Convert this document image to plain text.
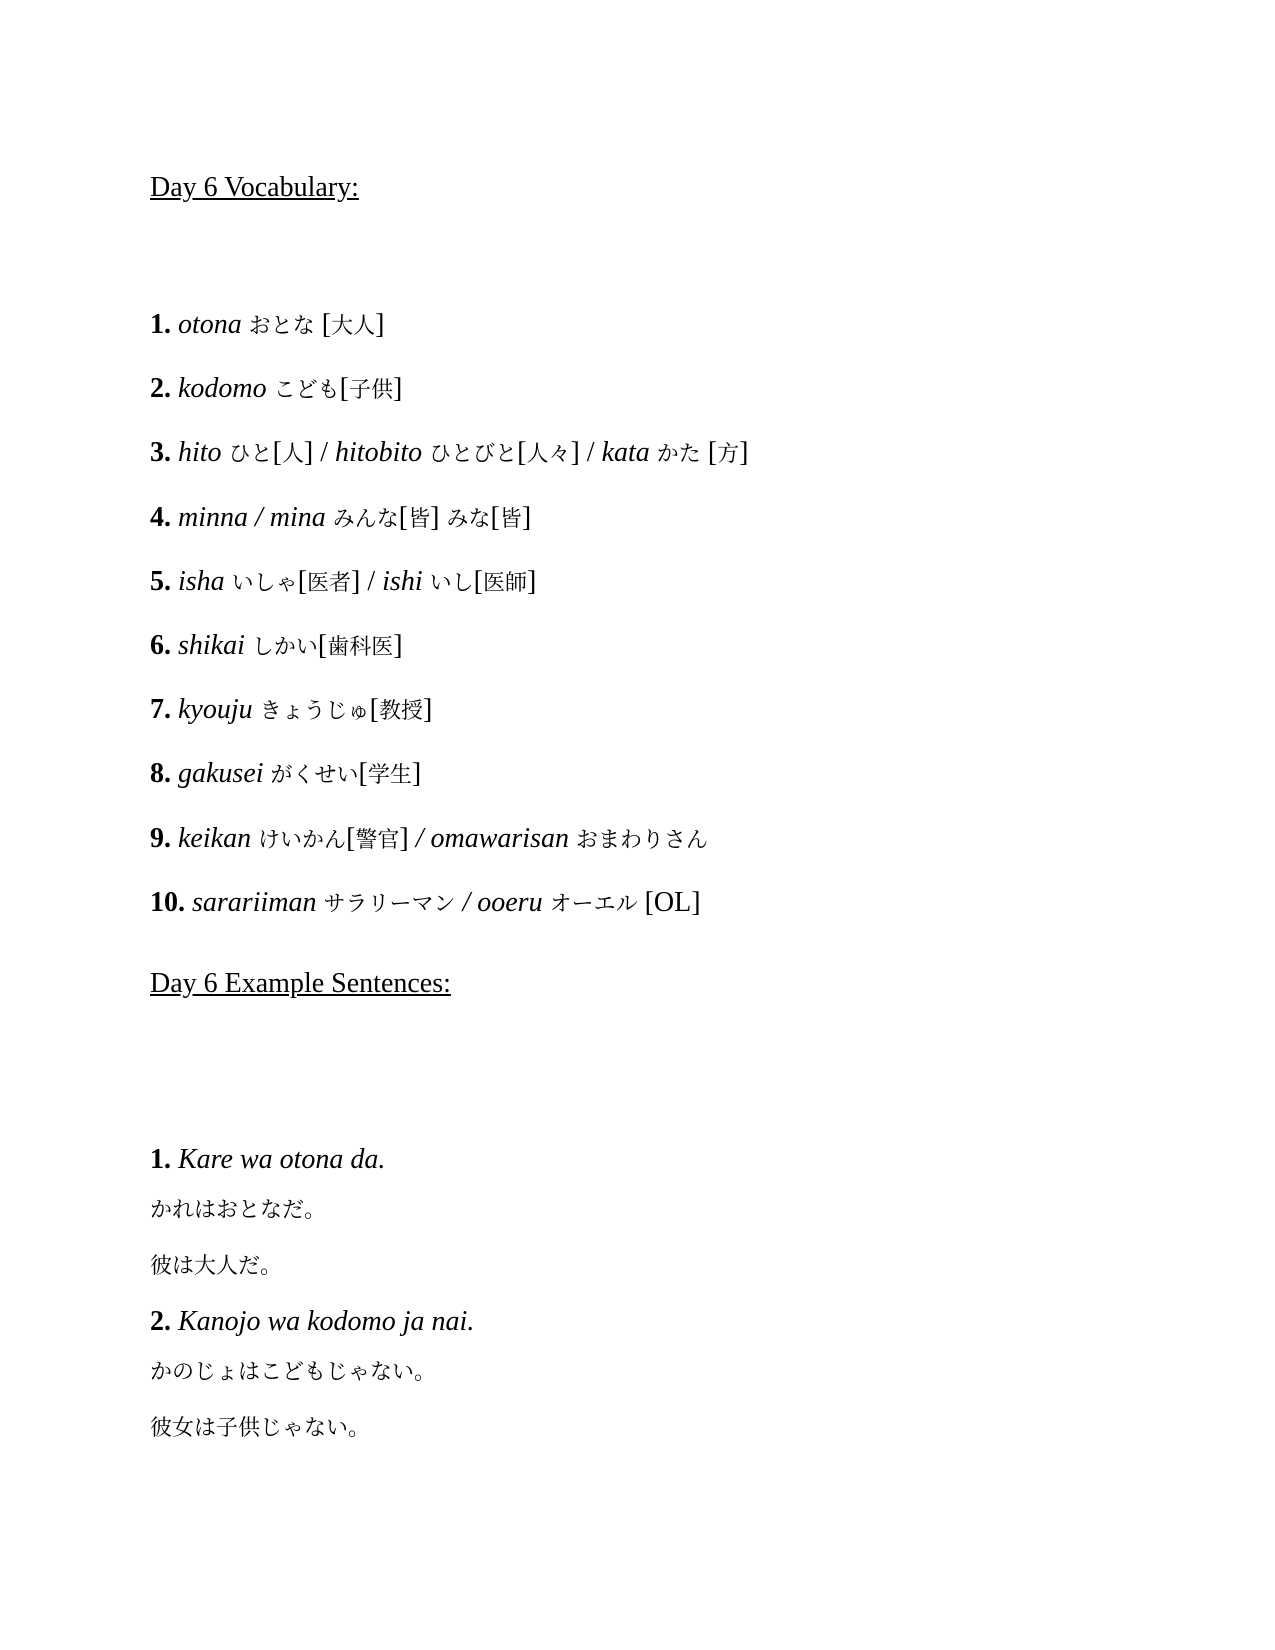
Day 6 Vocabulary:
1. otona おとな [大人]
2. kodomo こども[子供]
3. hito ひと[人] / hitobito ひとびと[人々] / kata かた [方]
4. minna / mina みんな[皆] みな[皆]
5. isha いしゃ[医者] / ishi いし[医師]
6. shikai しかい[歯科医]
7. kyouju きょうじゅ[教授]
8. gakusei がくせい[学生]
9. keikan けいかん[警官] / omawarisan おまわりさん
10. sarariiman サラリーマン / ooeru オーエル [OL]
Day 6 Example Sentences:
1. Kare wa otona da.
かれはおとなだ。
彼は大人だ。
2. Kanojo wa kodomo ja nai.
かのじょはこどもじゃない。
彼女は子供じゃない。
